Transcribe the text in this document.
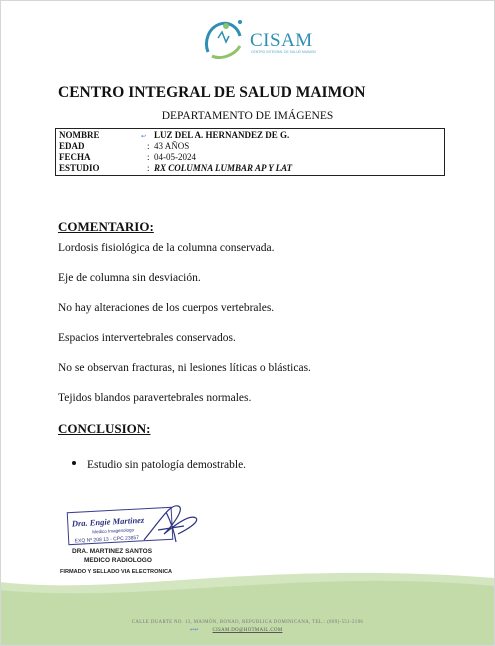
CISAM
CENTRO INTEGRAL DE SALUD MAIMON
CENTRO INTEGRAL DE SALUD MAIMON
DEPARTAMENTO DE IMÁGENES
↩
NOMBRE	LUZ DEL A. HERNANDEZ DE G.
EDAD	: 43 AÑOS
FECHA	: 04-05-2024
ESTUDIO	: RX COLUMNA LUMBAR AP Y LAT
COMENTARIO:
Lordosis fisiológica de la columna conservada.
Eje de columna sin desviación.
No hay alteraciones de los cuerpos vertebrales.
Espacios intervertebrales conservados.
No se observan fracturas, ni lesiones líticas o blásticas.
Tejidos blandos paravertebrales normales.
CONCLUSION:
Estudio sin patología demostrable.
Dra. Engie Martinez
Medico Imagenologo
EXQ Nº 208 13 - CPC 23857
DRA. MARTINEZ SANTOS
MEDICO RADIOLOGO
FIRMADO Y SELLADO VIA ELECTRONICA
CALLE DUARTE NO. 13, MAIMÓN, BONAO, REPUBLICA DOMINICANA, TEL.: (809)-551-2196
↩↩	CISAM.DO@HOTMAIL.COM
